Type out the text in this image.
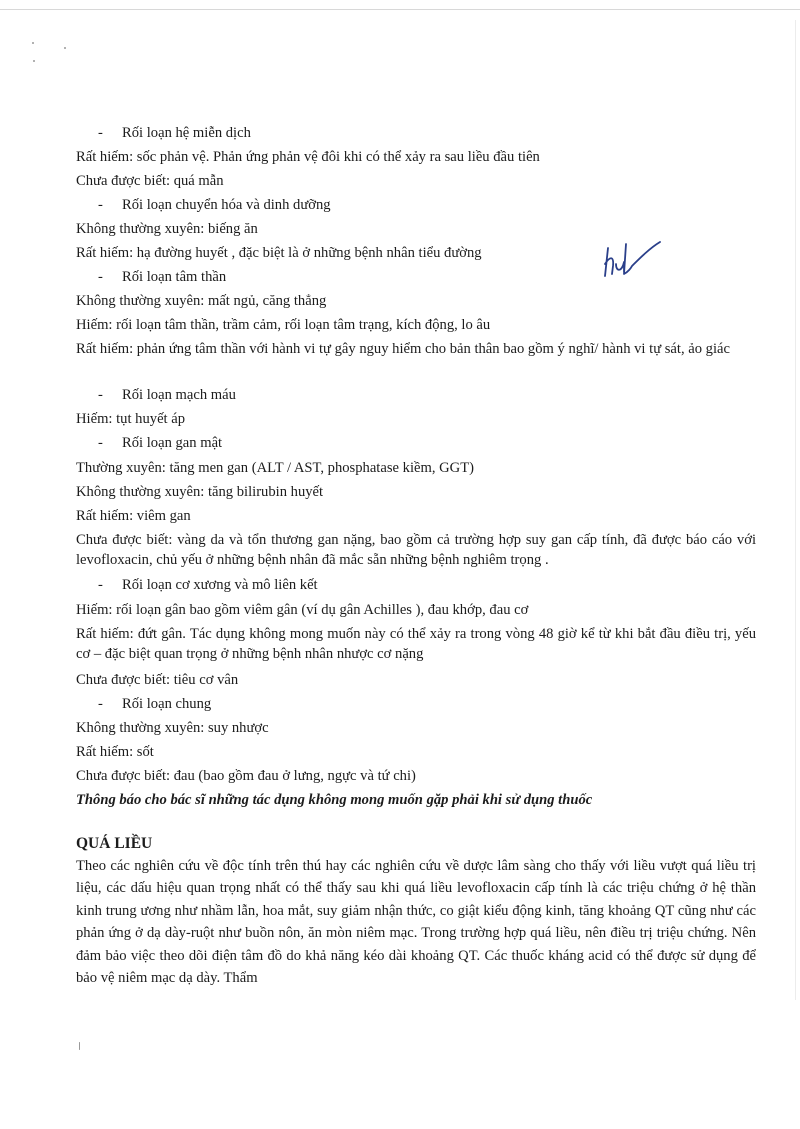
- Rối loạn hệ miễn dịch
Rất hiếm: sốc phản vệ. Phản ứng phản vệ đôi khi có thể xảy ra sau liều đầu tiên
Chưa được biết: quá mẫn
- Rối loạn chuyển hóa và dinh dưỡng
Không thường xuyên: biếng ăn
Rất hiếm: hạ đường huyết , đặc biệt là ở những bệnh nhân tiểu đường
- Rối loạn tâm thần
Không thường xuyên: mất ngủ, căng thẳng
Hiếm: rối loạn tâm thần, trầm cảm, rối loạn tâm trạng, kích động, lo âu
Rất hiếm: phản ứng tâm thần với hành vi tự gây nguy hiểm cho bản thân bao gồm ý nghĩ/ hành vi tự sát, ảo giác
- Rối loạn mạch máu
Hiếm: tụt huyết áp
- Rối loạn gan mật
Thường xuyên: tăng men gan (ALT / AST, phosphatase kiềm, GGT)
Không thường xuyên: tăng bilirubin huyết
Rất hiếm: viêm gan
Chưa được biết: vàng da và tổn thương gan nặng, bao gồm cả trường hợp suy gan cấp tính, đã được báo cáo với levofloxacin, chủ yếu ở những bệnh nhân đã mắc sẵn những bệnh nghiêm trọng .
- Rối loạn cơ xương và mô liên kết
Hiếm: rối loạn gân bao gồm viêm gân (ví dụ gân Achilles ), đau khớp, đau cơ
Rất hiếm: đứt gân. Tác dụng không mong muốn này có thể xảy ra trong vòng 48 giờ kể từ khi bắt đầu điều trị, yếu cơ – đặc biệt quan trọng ở những bệnh nhân nhược cơ nặng
Chưa được biết: tiêu cơ vân
- Rối loạn chung
Không thường xuyên: suy nhược
Rất hiếm: sốt
Chưa được biết: đau (bao gồm đau ở lưng, ngực và tứ chi)
Thông báo cho bác sĩ những tác dụng không mong muốn gặp phải khi sử dụng thuốc
QUÁ LIỀU
Theo các nghiên cứu về độc tính trên thú hay các nghiên cứu về dược lâm sàng cho thấy với liều vượt quá liều trị liệu, các dấu hiệu quan trọng nhất có thể thấy sau khi quá liều levofloxacin cấp tính là các triệu chứng ở hệ thần kinh trung ương như nhầm lẫn, hoa mắt, suy giảm nhận thức, co giật kiểu động kinh, tăng khoảng QT cũng như các phản ứng ở dạ dày-ruột như buồn nôn, ăn mòn niêm mạc. Trong trường hợp quá liều, nên điều trị triệu chứng. Nên đảm bảo việc theo dõi điện tâm đồ do khả năng kéo dài khoảng QT. Các thuốc kháng acid có thể được sử dụng để bảo vệ niêm mạc dạ dày. Thẩm
